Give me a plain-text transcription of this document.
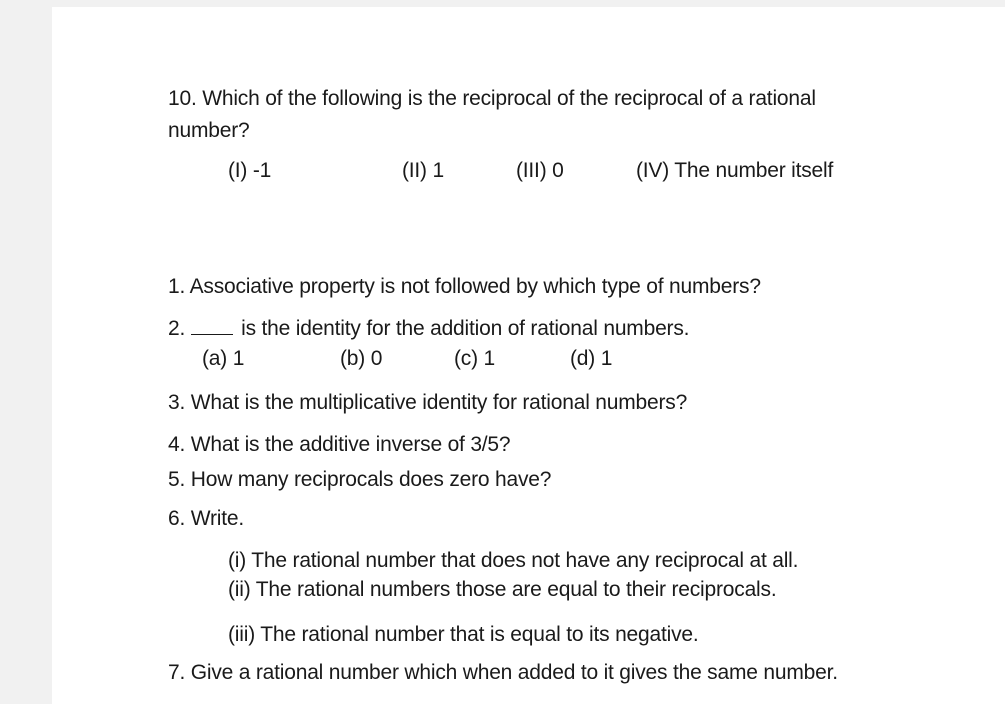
10. Which of the following is the reciprocal of the reciprocal of a rational
number?
(I) -1	(II) 1	(III) 0	(IV) The number itself
1. Associative property is not followed by which type of numbers?
2.	is the identity for the addition of rational numbers.
(a) 1	(b) 0	(c) 1	(d) 1
3. What is the multiplicative identity for rational numbers?
4. What is the additive inverse of 3/5?
5. How many reciprocals does zero have?
6. Write.
(i) The rational number that does not have any reciprocal at all.
(ii) The rational numbers those are equal to their reciprocals.
(iii) The rational number that is equal to its negative.
7. Give a rational number which when added to it gives the same number.
